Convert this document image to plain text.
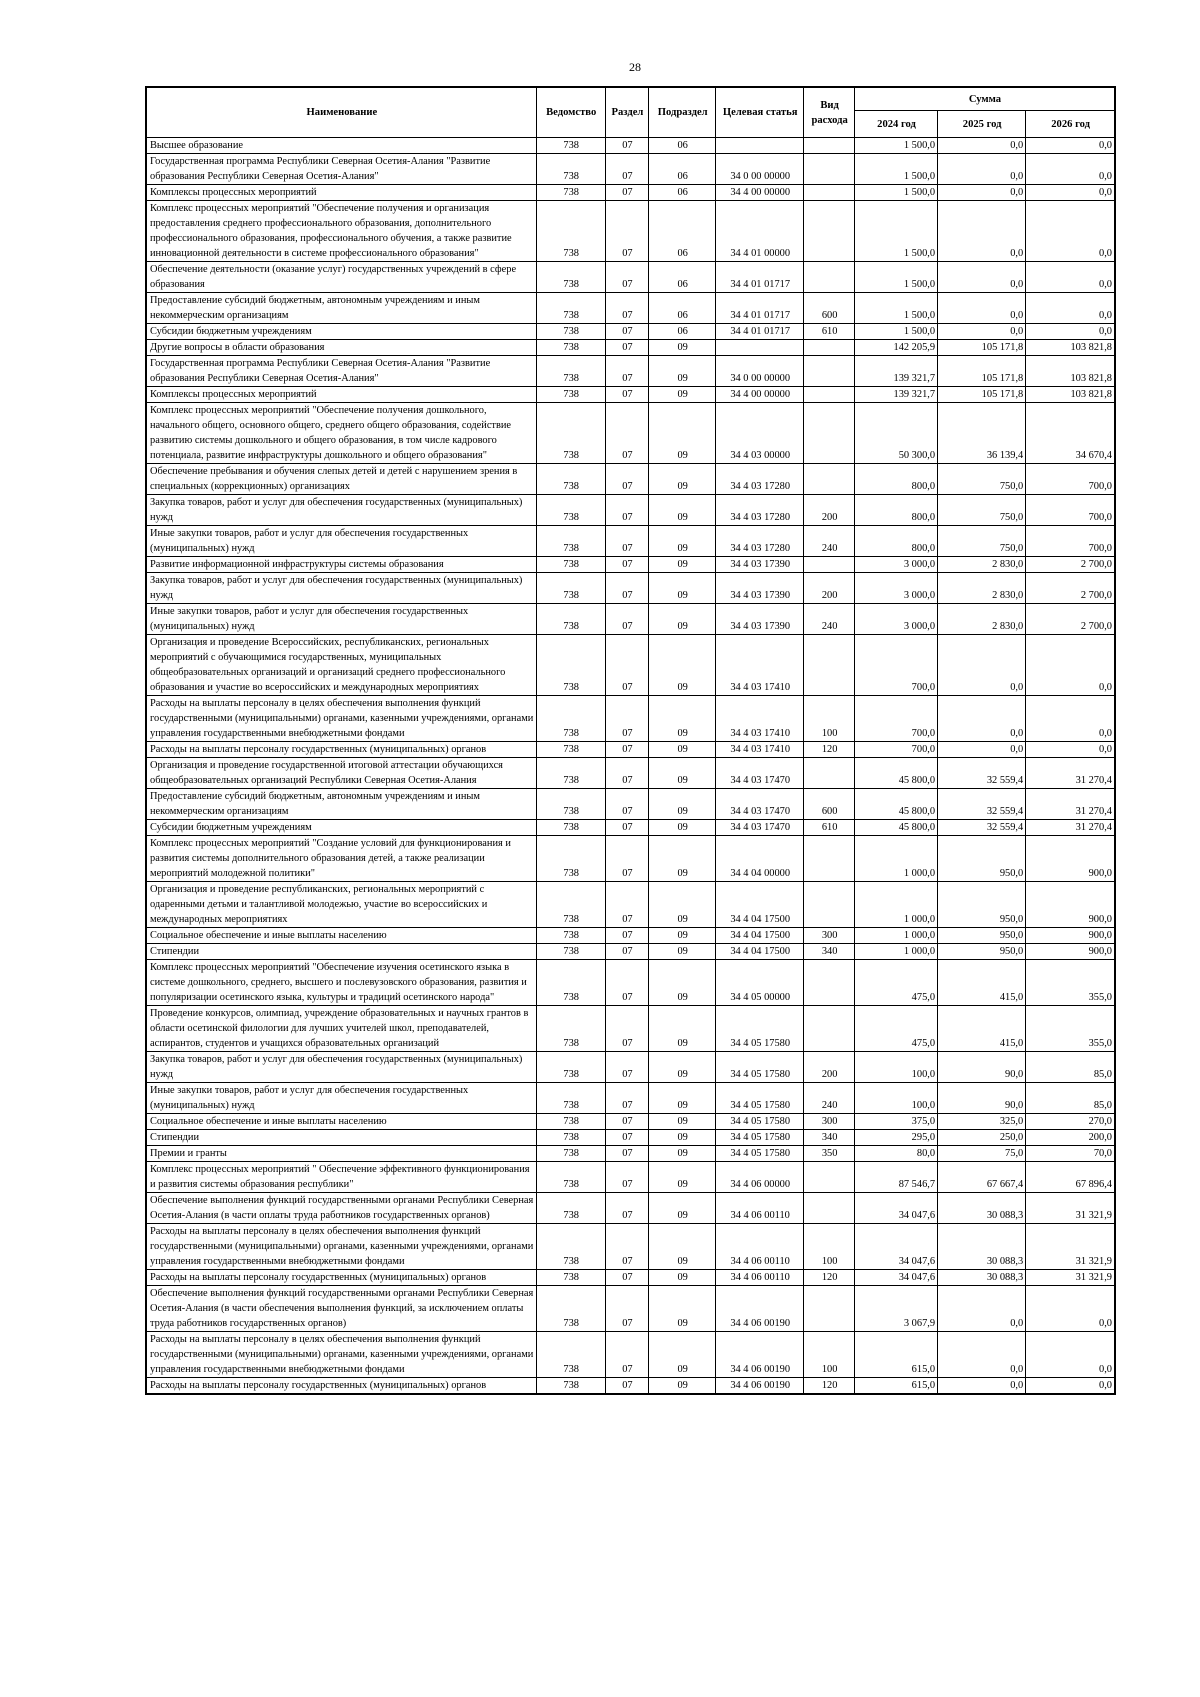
28
Наименование	Ведомство	Раздел	Подраздел	Целевая статья	Вид расхода	Сумма		
						2024 год	2025 год	2026 год
Высшее образование	738	07	06			1 500,0	0,0	0,0
Государственная программа Республики Северная Осетия-Алания "Развитие образования Республики Северная Осетия-Алания"	738	07	06	34 0 00 00000		1 500,0	0,0	0,0
Комплексы процессных мероприятий	738	07	06	34 4 00 00000		1 500,0	0,0	0,0
Комплекс процессных мероприятий "Обеспечение получения и организация предоставления среднего профессионального образования, дополнительного профессионального образования, профессионального обучения, а также развитие инновационной деятельности в системе профессионального образования"	738	07	06	34 4 01 00000		1 500,0	0,0	0,0
Обеспечение деятельности (оказание услуг) государственных учреждений в сфере образования	738	07	06	34 4 01 01717		1 500,0	0,0	0,0
Предоставление субсидий бюджетным, автономным учреждениям и иным некоммерческим организациям	738	07	06	34 4 01 01717	600	1 500,0	0,0	0,0
Субсидии бюджетным учреждениям	738	07	06	34 4 01 01717	610	1 500,0	0,0	0,0
Другие вопросы в области образования	738	07	09			142 205,9	105 171,8	103 821,8
Государственная программа Республики Северная Осетия-Алания "Развитие образования Республики Северная Осетия-Алания"	738	07	09	34 0 00 00000		139 321,7	105 171,8	103 821,8
Комплексы процессных мероприятий	738	07	09	34 4 00 00000		139 321,7	105 171,8	103 821,8
Комплекс процессных мероприятий "Обеспечение получения дошкольного, начального общего, основного общего, среднего общего образования, содействие развитию системы дошкольного и общего образования, в том числе кадрового потенциала, развитие инфраструктуры дошкольного и общего образования"	738	07	09	34 4 03 00000		50 300,0	36 139,4	34 670,4
Обеспечение пребывания и обучения слепых детей и детей с нарушением зрения в специальных (коррекционных) организациях	738	07	09	34 4 03 17280		800,0	750,0	700,0
Закупка товаров, работ и услуг для обеспечения государственных (муниципальных) нужд	738	07	09	34 4 03 17280	200	800,0	750,0	700,0
Иные закупки товаров, работ и услуг для обеспечения государственных (муниципальных) нужд	738	07	09	34 4 03 17280	240	800,0	750,0	700,0
Развитие информационной инфраструктуры системы образования	738	07	09	34 4 03 17390		3 000,0	2 830,0	2 700,0
Закупка товаров, работ и услуг для обеспечения государственных (муниципальных) нужд	738	07	09	34 4 03 17390	200	3 000,0	2 830,0	2 700,0
Иные закупки товаров, работ и услуг для обеспечения государственных (муниципальных) нужд	738	07	09	34 4 03 17390	240	3 000,0	2 830,0	2 700,0
Организация и проведение Всероссийских, республиканских, региональных мероприятий с обучающимися государственных, муниципальных общеобразовательных организаций и организаций среднего профессионального образования и участие во всероссийских и международных мероприятиях	738	07	09	34 4 03 17410		700,0	0,0	0,0
Расходы на выплаты персоналу в целях обеспечения выполнения функций государственными (муниципальными) органами, казенными учреждениями, органами управления государственными внебюджетными фондами	738	07	09	34 4 03 17410	100	700,0	0,0	0,0
Расходы на выплаты персоналу государственных (муниципальных) органов	738	07	09	34 4 03 17410	120	700,0	0,0	0,0
Организация и проведение государственной итоговой аттестации обучающихся общеобразовательных организаций Республики Северная Осетия-Алания	738	07	09	34 4 03 17470		45 800,0	32 559,4	31 270,4
Предоставление субсидий бюджетным, автономным учреждениям и иным некоммерческим организациям	738	07	09	34 4 03 17470	600	45 800,0	32 559,4	31 270,4
Субсидии бюджетным учреждениям	738	07	09	34 4 03 17470	610	45 800,0	32 559,4	31 270,4
Комплекс процессных мероприятий "Создание условий для функционирования и развития системы дополнительного образования детей, а также реализации мероприятий молодежной политики"	738	07	09	34 4 04 00000		1 000,0	950,0	900,0
Организация и проведение республиканских, региональных мероприятий с одаренными детьми и талантливой молодежью, участие во всероссийских и международных мероприятиях	738	07	09	34 4 04 17500		1 000,0	950,0	900,0
Социальное обеспечение и иные выплаты населению	738	07	09	34 4 04 17500	300	1 000,0	950,0	900,0
Стипендии	738	07	09	34 4 04 17500	340	1 000,0	950,0	900,0
Комплекс процессных мероприятий "Обеспечение изучения осетинского языка в системе дошкольного, среднего, высшего и послевузовского образования, развития и популяризации осетинского языка, культуры и традиций осетинского народа"	738	07	09	34 4 05 00000		475,0	415,0	355,0
Проведение конкурсов, олимпиад, учреждение образовательных и научных грантов в области осетинской филологии для лучших учителей школ, преподавателей, аспирантов, студентов и учащихся образовательных организаций	738	07	09	34 4 05 17580		475,0	415,0	355,0
Закупка товаров, работ и услуг для обеспечения государственных (муниципальных) нужд	738	07	09	34 4 05 17580	200	100,0	90,0	85,0
Иные закупки товаров, работ и услуг для обеспечения государственных (муниципальных) нужд	738	07	09	34 4 05 17580	240	100,0	90,0	85,0
Социальное обеспечение и иные выплаты населению	738	07	09	34 4 05 17580	300	375,0	325,0	270,0
Стипендии	738	07	09	34 4 05 17580	340	295,0	250,0	200,0
Премии и гранты	738	07	09	34 4 05 17580	350	80,0	75,0	70,0
Комплекс процессных мероприятий " Обеспечение эффективного функционирования и развития системы образования республики"	738	07	09	34 4 06 00000		87 546,7	67 667,4	67 896,4
Обеспечение выполнения функций государственными органами Республики Северная Осетия-Алания (в части оплаты труда работников государственных органов)	738	07	09	34 4 06 00110		34 047,6	30 088,3	31 321,9
Расходы на выплаты персоналу в целях обеспечения выполнения функций государственными (муниципальными) органами, казенными учреждениями, органами управления государственными внебюджетными фондами	738	07	09	34 4 06 00110	100	34 047,6	30 088,3	31 321,9
Расходы на выплаты персоналу государственных (муниципальных) органов	738	07	09	34 4 06 00110	120	34 047,6	30 088,3	31 321,9
Обеспечение выполнения функций государственными органами Республики Северная Осетия-Алания (в части обеспечения выполнения функций, за исключением оплаты труда работников государственных органов)	738	07	09	34 4 06 00190		3 067,9	0,0	0,0
Расходы на выплаты персоналу в целях обеспечения выполнения функций государственными (муниципальными) органами, казенными учреждениями, органами управления государственными внебюджетными фондами	738	07	09	34 4 06 00190	100	615,0	0,0	0,0
Расходы на выплаты персоналу государственных (муниципальных) органов	738	07	09	34 4 06 00190	120	615,0	0,0	0,0
